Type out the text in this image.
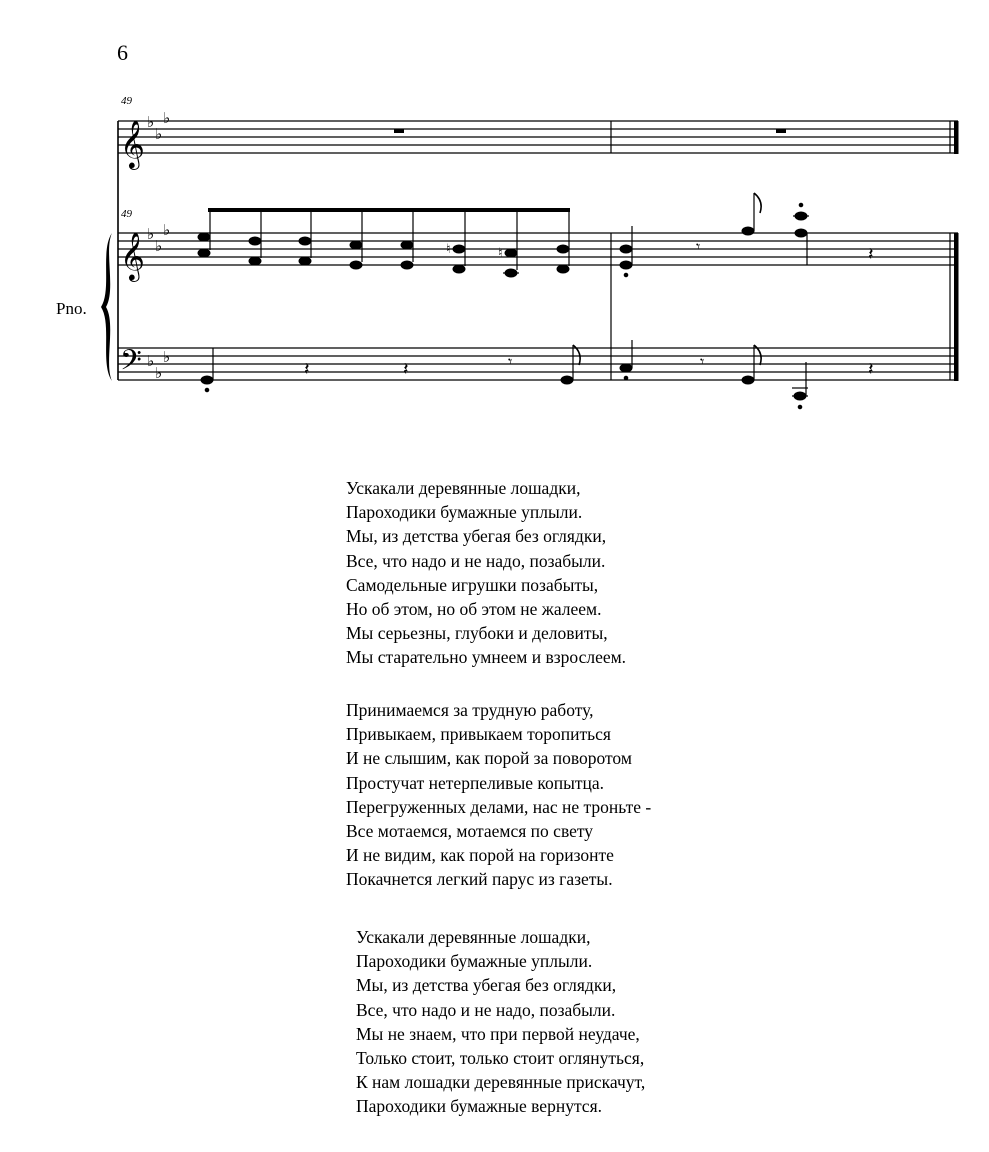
6
49
49
𝄞
𝄞
𝄢
♭
♭
♭
♭
♭
♭
♭
♭
♭
♮	♮	𝄾	𝄽
𝄽	𝄽	𝄾	𝄾	𝄽
Pno.
Ускакали деревянные лошадки,
Пароходики бумажные уплыли.
Мы, из детства убегая без оглядки,
Все, что надо и не надо, позабыли.
Самодельные игрушки позабыты,
Но об этом, но об этом не жалеем.
Мы серьезны, глубоки и деловиты,
Мы старательно умнеем и взрослеем.
Принимаемся за трудную работу,
Привыкаем, привыкаем торопиться
И не слышим, как порой за поворотом
Простучат нетерпеливые копытца.
Перегруженных делами, нас не троньте -
Все мотаемся, мотаемся по свету
И не видим, как порой на горизонте
Покачнется легкий парус из газеты.
Ускакали деревянные лошадки,
Пароходики бумажные уплыли.
Мы, из детства убегая без оглядки,
Все, что надо и не надо, позабыли.
Мы не знаем, что при первой неудаче,
Только стоит, только стоит оглянуться,
К нам лошадки деревянные прискачут,
Пароходики бумажные вернутся.
